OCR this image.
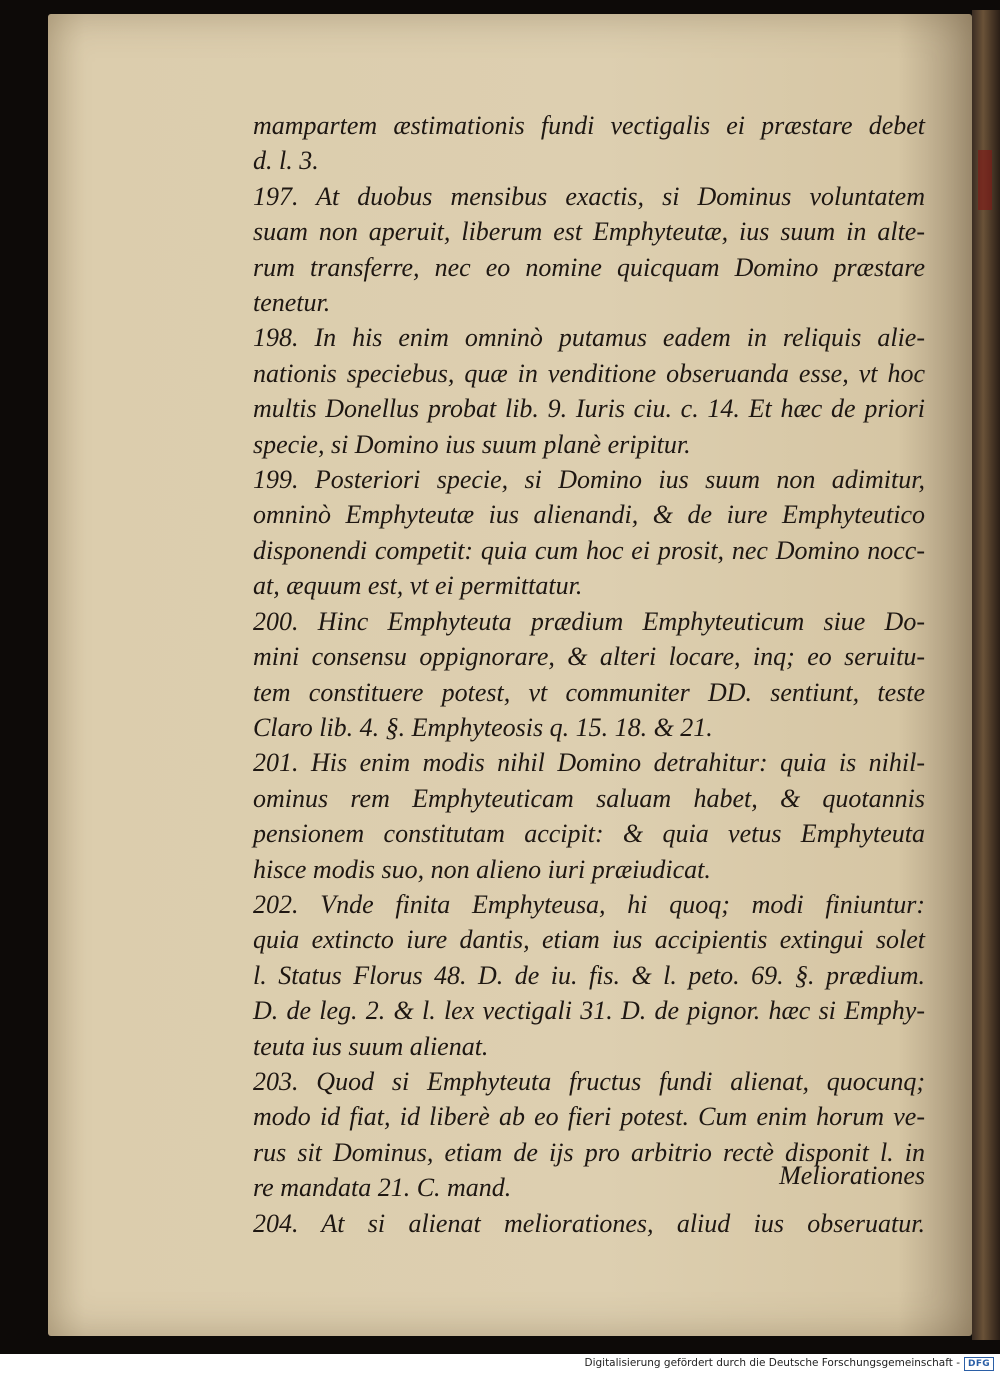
mampartem æstimationis fundi vectigalis ei præstare debet
d. l. 3.
197. At duobus mensibus exactis, si Dominus voluntatem
suam non aperuit, liberum est Emphyteutæ, ius suum in alte-
rum transferre, nec eo nomine quicquam Domino præstare
tenetur.
198. In his enim omninò putamus eadem in reliquis alie-
nationis speciebus, quæ in venditione obseruanda esse, vt hoc
multis Donellus probat lib. 9. Iuris ciu. c. 14. Et hæc de priori
specie, si Domino ius suum planè eripitur.
199. Posteriori specie, si Domino ius suum non adimitur,
omninò Emphyteutæ ius alienandi, & de iure Emphyteutico
disponendi competit: quia cum hoc ei prosit, nec Domino nocc-
at, æquum est, vt ei permittatur.
200. Hinc Emphyteuta prædium Emphyteuticum siue Do-
mini consensu oppignorare, & alteri locare, inq; eo seruitu-
tem constituere potest, vt communiter DD. sentiunt, teste
Claro lib. 4. §. Emphyteosis q. 15. 18. & 21.
201. His enim modis nihil Domino detrahitur: quia is nihil-
ominus rem Emphyteuticam saluam habet, & quotannis
pensionem constitutam accipit: & quia vetus Emphyteuta
hisce modis suo, non alieno iuri præiudicat.
202. Vnde finita Emphyteusa, hi quoq; modi finiuntur:
quia extincto iure dantis, etiam ius accipientis extingui solet
l. Status Florus 48. D. de iu. fis. & l. peto. 69. §. prædium.
D. de leg. 2. & l. lex vectigali 31. D. de pignor. hæc si Emphy-
teuta ius suum alienat.
203. Quod si Emphyteuta fructus fundi alienat, quocunq;
modo id fiat, id liberè ab eo fieri potest. Cum enim horum ve-
rus sit Dominus, etiam de ijs pro arbitrio rectè disponit l. in
re mandata 21. C. mand.
204. At si alienat meliorationes, aliud ius obseruatur.
Meliorationes
Digitalisierung gefördert durch die Deutsche Forschungsgemeinschaft - DFG
